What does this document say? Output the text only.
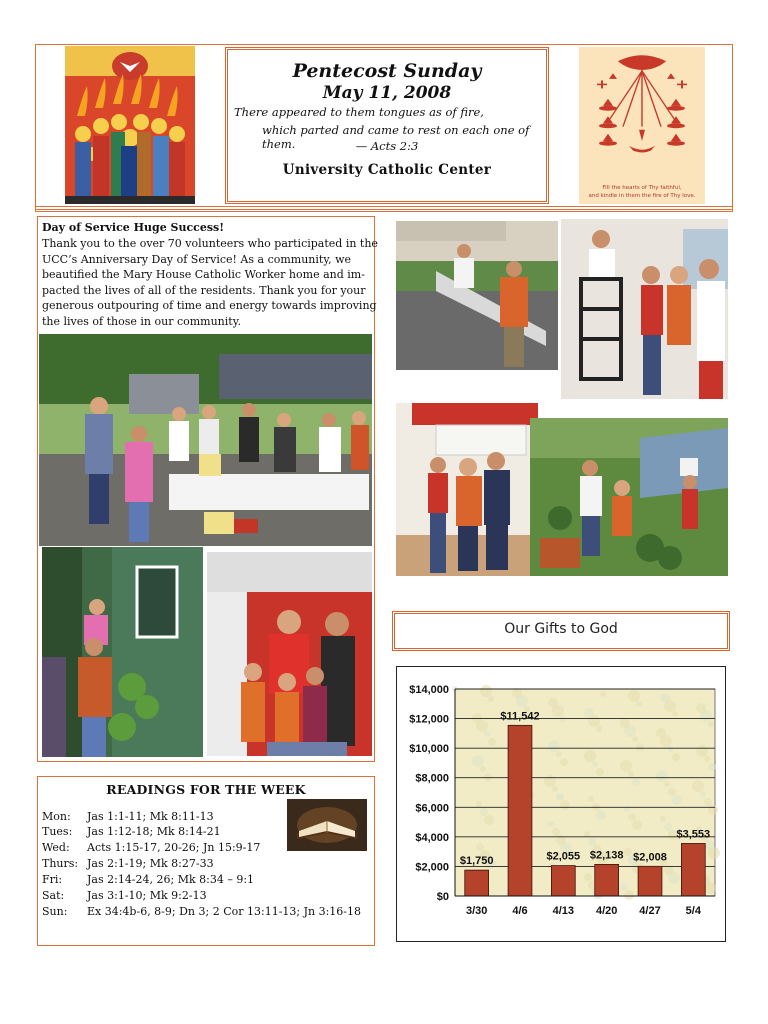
Pentecost Sunday
May 11, 2008
There appeared to them tongues as of fire,
which parted and came to rest on each one of them.	— Acts 2:3
University Catholic Center
Fill the hearts of Thy faithful,
and kindle in them the fire of Thy love.
Day of Service Huge Success!
Thank you to the over 70 volunteers who participated in the
UCC’s Anniversary Day of Service! As a community, we
beautified the Mary House Catholic Worker home and im-
pacted the lives of all of the residents. Thank you for your
generous outpouring of time and energy towards improving
the lives of those in our community.
READINGS FOR THE WEEK
Mon: Jas 1:1-11; Mk 8:11-13
Tues: Jas 1:12-18; Mk 8:14-21
Wed: Acts 1:15-17, 20-26; Jn 15:9-17
Thurs: Jas 2:1-19; Mk 8:27-33
Fri: Jas 2:14-24, 26; Mk 8:34 – 9:1
Sat: Jas 3:1-10; Mk 9:2-13
Sun: Ex 34:4b-6, 8-9; Dn 3; 2 Cor 13:11-13; Jn 3:16-18
Our Gifts to God
$0
$2,000
$4,000
$6,000
$8,000
$10,000
$12,000
$14,000
$1,750
3/30
$11,542
4/6
$2,055
4/13
$2,138
4/20
$2,008
4/27
$3,553
5/4
